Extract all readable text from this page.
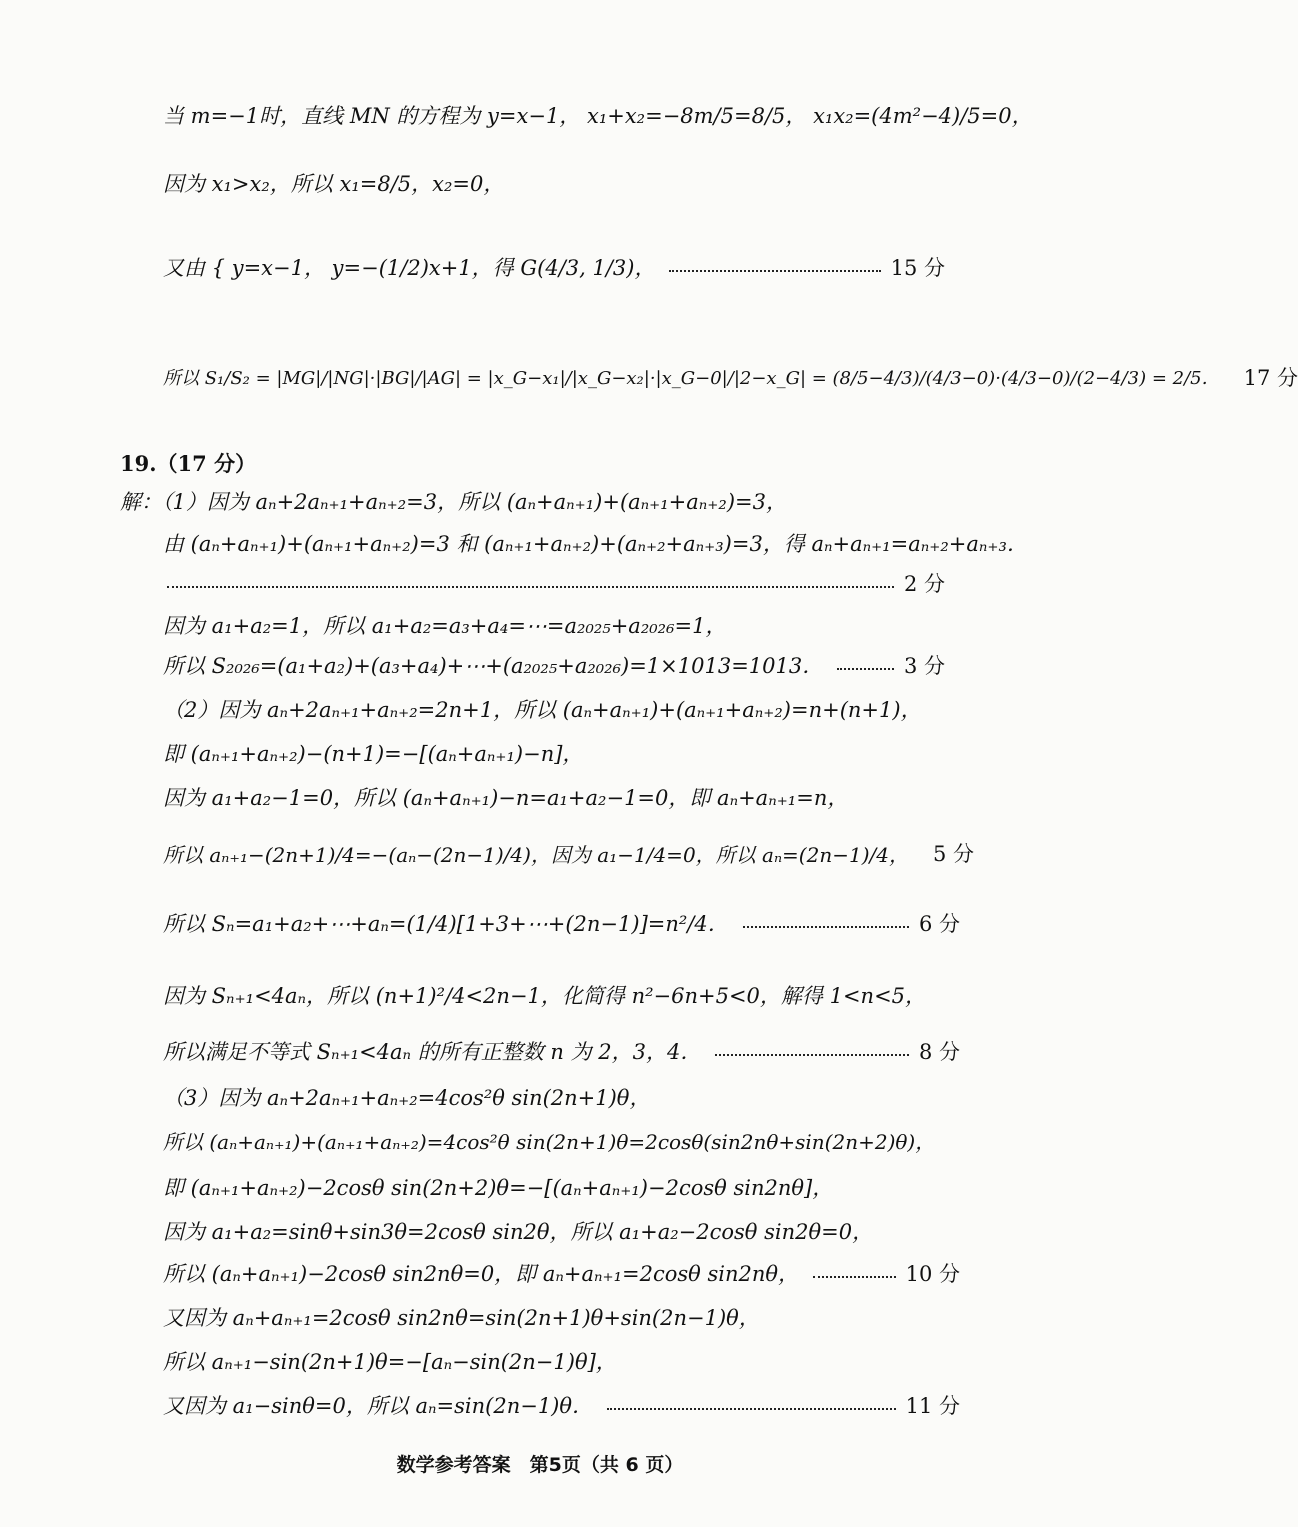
当 m=−1时，直线 MN 的方程为 y=x−1， x₁+x₂=−8m/5=8/5， x₁x₂=(4m²−4)/5=0，
因为 x₁>x₂，所以 x₁=8/5，x₂=0，
又由 { y=x−1， y=−(1/2)x+1，得 G(4/3, 1/3)，	15 分
所以 S₁/S₂ = |MG|/|NG|·|BG|/|AG| = |x_G−x₁|/|x_G−x₂|·|x_G−0|/|2−x_G| = (8/5−4/3)/(4/3−0)·(4/3−0)/(2−4/3) = 2/5． 17 分
19.（17 分）
解：（1）因为 aₙ+2aₙ₊₁+aₙ₊₂=3，所以 (aₙ+aₙ₊₁)+(aₙ₊₁+aₙ₊₂)=3，
由 (aₙ+aₙ₊₁)+(aₙ₊₁+aₙ₊₂)=3 和 (aₙ₊₁+aₙ₊₂)+(aₙ₊₂+aₙ₊₃)=3，得 aₙ+aₙ₊₁=aₙ₊₂+aₙ₊₃．
2 分
因为 a₁+a₂=1，所以 a₁+a₂=a₃+a₄=⋯=a₂₀₂₅+a₂₀₂₆=1，
所以 S₂₀₂₆=(a₁+a₂)+(a₃+a₄)+⋯+(a₂₀₂₅+a₂₀₂₆)=1×1013=1013．	3 分
（2）因为 aₙ+2aₙ₊₁+aₙ₊₂=2n+1，所以 (aₙ+aₙ₊₁)+(aₙ₊₁+aₙ₊₂)=n+(n+1)，
即 (aₙ₊₁+aₙ₊₂)−(n+1)=−[(aₙ+aₙ₊₁)−n]，
因为 a₁+a₂−1=0，所以 (aₙ+aₙ₊₁)−n=a₁+a₂−1=0，即 aₙ+aₙ₊₁=n，
所以 aₙ₊₁−(2n+1)/4=−(aₙ−(2n−1)/4)，因为 a₁−1/4=0，所以 aₙ=(2n−1)/4， 5 分
所以 Sₙ=a₁+a₂+⋯+aₙ=(1/4)[1+3+⋯+(2n−1)]=n²/4．	6 分
因为 Sₙ₊₁<4aₙ，所以 (n+1)²/4<2n−1，化简得 n²−6n+5<0，解得 1<n<5，
所以满足不等式 Sₙ₊₁<4aₙ 的所有正整数 n 为 2，3，4．	8 分
（3）因为 aₙ+2aₙ₊₁+aₙ₊₂=4cos²θ sin(2n+1)θ，
所以 (aₙ+aₙ₊₁)+(aₙ₊₁+aₙ₊₂)=4cos²θ sin(2n+1)θ=2cosθ(sin2nθ+sin(2n+2)θ)，
即 (aₙ₊₁+aₙ₊₂)−2cosθ sin(2n+2)θ=−[(aₙ+aₙ₊₁)−2cosθ sin2nθ]，
因为 a₁+a₂=sinθ+sin3θ=2cosθ sin2θ，所以 a₁+a₂−2cosθ sin2θ=0，
所以 (aₙ+aₙ₊₁)−2cosθ sin2nθ=0，即 aₙ+aₙ₊₁=2cosθ sin2nθ，	10 分
又因为 aₙ+aₙ₊₁=2cosθ sin2nθ=sin(2n+1)θ+sin(2n−1)θ，
所以 aₙ₊₁−sin(2n+1)θ=−[aₙ−sin(2n−1)θ]，
又因为 a₁−sinθ=0，所以 aₙ=sin(2n−1)θ．	11 分
数学参考答案　第5页（共 6 页）
